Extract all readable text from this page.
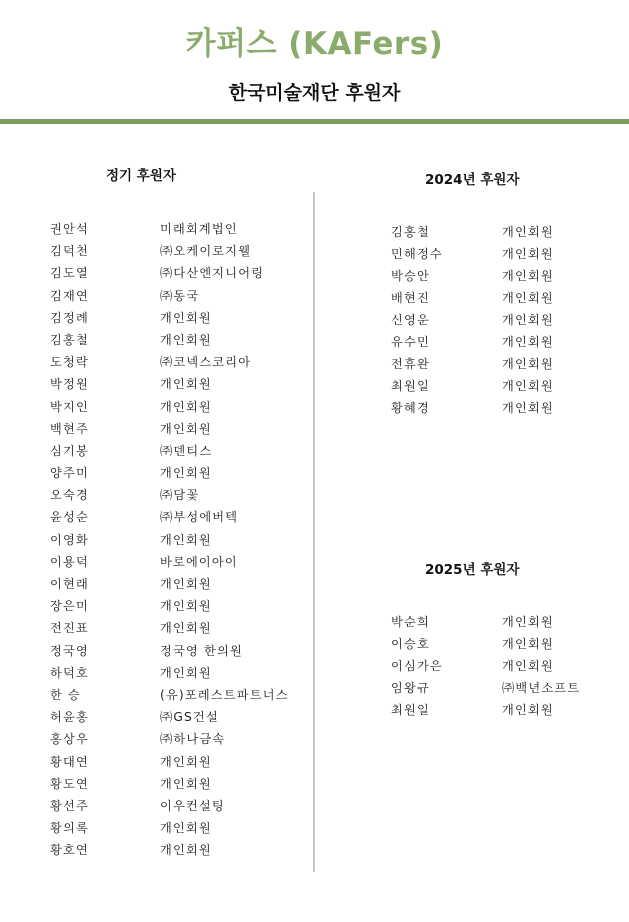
카퍼스 (KAFers)
한국미술재단 후원자
정기 후원자
권안석	미래회계법인
김덕천	㈜오케이로지웰
김도열	㈜다산엔지니어링
김재연	㈜동국
김정례	개인회원
김홍철	개인회원
도청락	㈜코넥스코리아
박정원	개인회원
박지인	개인회원
백현주	개인회원
심기봉	㈜덴티스
양주미	개인회원
오숙경	㈜담꽃
윤성순	㈜부성에버텍
이영화	개인회원
이용덕	바로에이아이
이현래	개인회원
장은미	개인회원
전진표	개인회원
정국영	정국영 한의원
하덕호	개인회원
한 승	(유)포레스트파트너스
허윤홍	㈜GS건설
홍상우	㈜하나금속
황대연	개인회원
황도연	개인회원
황선주	이우컨설팅
황의록	개인회원
황호연	개인회원
2024년 후원자
김홍철	개인회원
민해정수	개인회원
박승안	개인회원
배현진	개인회원
신영운	개인회원
유수민	개인회원
전휴완	개인회원
최원일	개인회원
황혜경	개인회원
2025년 후원자
박순희	개인회원
이승호	개인회원
이심가은	개인회원
임왕규	㈜백년소프트
최원일	개인회원
